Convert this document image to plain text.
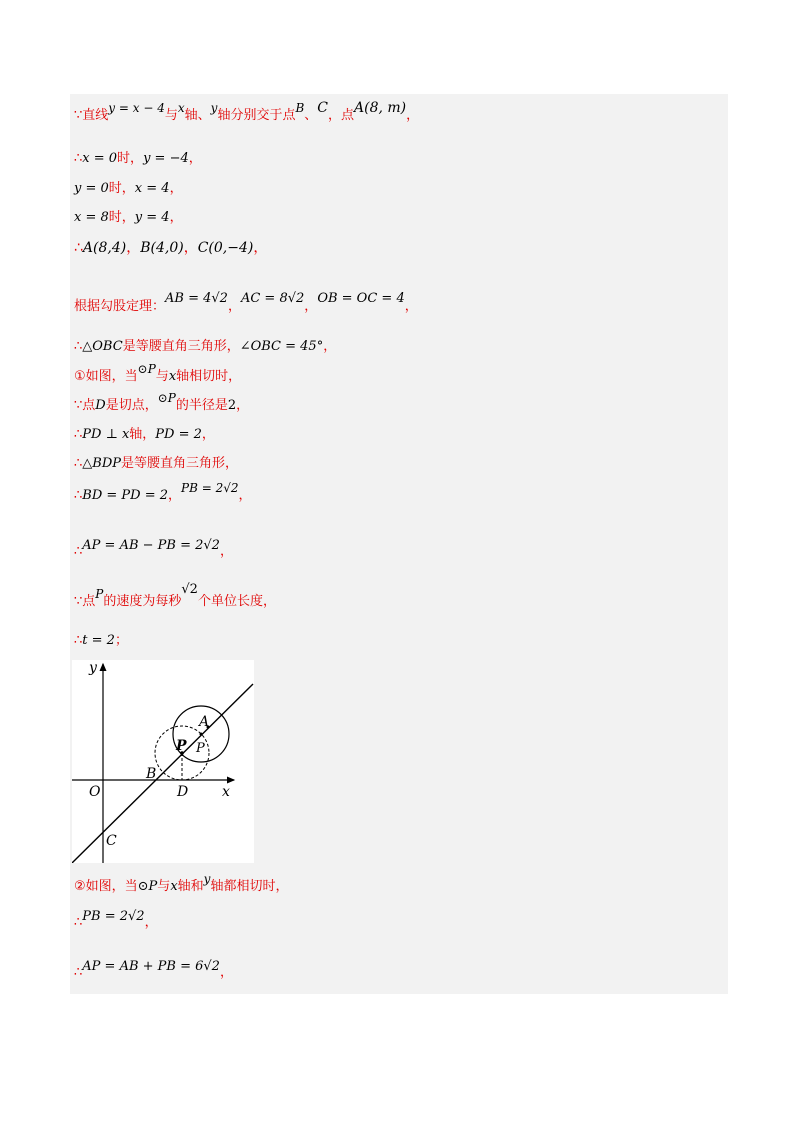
∵直线y = x − 4与x轴、y轴分别交于点B、C，点A(8, m)，
∴x = 0时，y = −4，
y = 0时，x = 4，
x = 8时，y = 4，
∴A(8,4)，B(4,0)，C(0,−4)，
根据勾股定理：AB = 4√2，AC = 8√2，OB = OC = 4，
∴△OBC是等腰直角三角形，∠OBC = 45°，
①如图，当⊙P与x轴相切时，
∵点D是切点，⊙P的半径是2，
∴PD ⊥ x轴，PD = 2，
∴△BDP是等腰直角三角形，
∴BD = PD = 2，PB = 2√2，
∴AP = AB − PB = 2√2，
∵点P的速度为每秒√2个单位长度，
∴t = 2；
y
x
O
C
B
D
A
P P
②如图，当⊙P与x轴和y轴都相切时，
∴PB = 2√2，
∴AP = AB + PB = 6√2，
